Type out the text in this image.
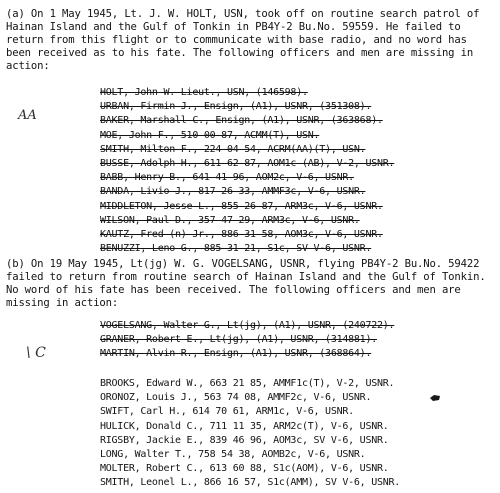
(a) On 1 May 1945, Lt. J. W. HOLT, USN, took off on routine search patrol of Hainan Island and the Gulf of Tonkin in PB4Y-2 Bu.No. 59559. He failed to return from this flight or to communicate with base radio, and no word has been received as to his fate. The following officers and men are missing in action:
AA
HOLT, John W. Lieut., USN, (146598).
URBAN, Firmin J., Ensign, (A1), USNR, (351308).
BAKER, Marshall C., Ensign, (A1), USNR, (363868).
MOE, John F., 510 00 87, ACMM(T), USN.
SMITH, Milton F., 224 04 54, ACRM(AA)(T), USN.
BUSSE, Adolph H., 611 62 87, AOM1c (AB), V-2, USNR.
BABB, Henry B., 641 41 96, AOM2c, V-6, USNR.
BANDA, Livio J., 817 26 33, AMMF3c, V-6, USNR.
MIDDLETON, Jesse L., 855 26 87, ARM3c, V-6, USNR.
WILSON, Paul D., 357 47 29, ARM3c, V-6, USNR.
KAUTZ, Fred (n) Jr., 886 31 58, AOM3c, V-6, USNR.
BENUZZI, Leno G., 885 31 21, S1c, SV V-6, USNR.
(b) On 19 May 1945, Lt(jg) W. G. VOGELSANG, USNR, flying PB4Y-2 Bu.No. 59422 failed to return from routine search of Hainan Island and the Gulf of Tonkin. No word of his fate has been received. The following officers and men are missing in action:
\ C
VOGELSANG, Walter G., Lt(jg), (A1), USNR, (240722).
GRANER, Robert E., Lt(jg), (A1), USNR, (314881).
MARTIN, Alvin R., Ensign, (A1), USNR, (368864).
BROOKS, Edward W., 663 21 85, AMMF1c(T), V-2, USNR.
ORONOZ, Louis J., 563 74 08, AMMF2c, V-6, USNR.
SWIFT, Carl H., 614 70 61, ARM1c, V-6, USNR.
HULICK, Donald C., 711 11 35, ARM2c(T), V-6, USNR.
RIGSBY, Jackie E., 839 46 96, AOM3c, SV V-6, USNR.
LONG, Walter T., 758 54 38, AOMB2c, V-6, USNR.
MOLTER, Robert C., 613 60 88, S1c(AOM), V-6, USNR.
SMITH, Leonel L., 866 16 57, S1c(AMM), SV V-6, USNR.
